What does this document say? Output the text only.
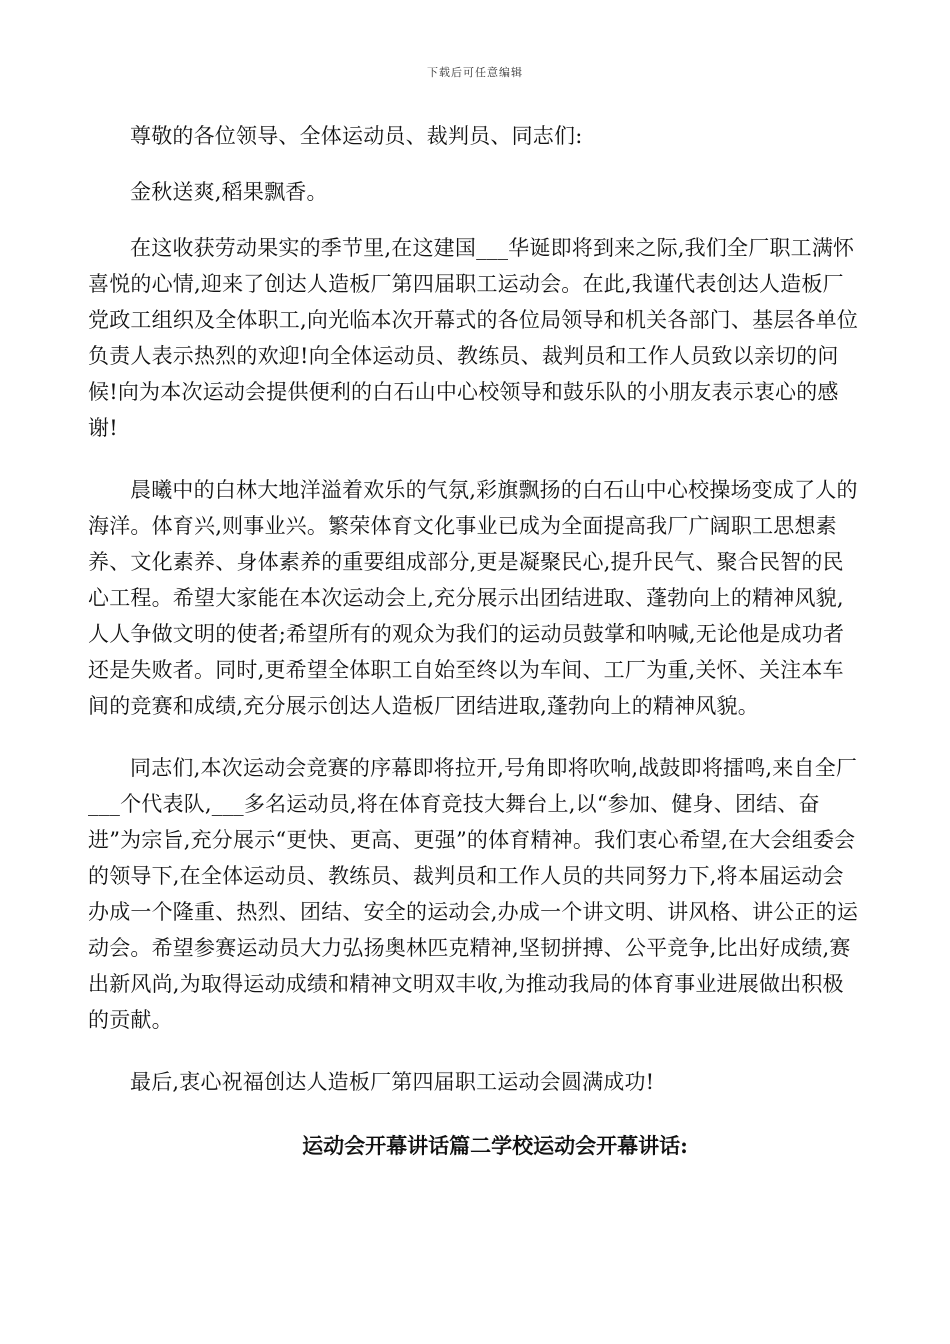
下载后可任意编辑

尊敬的各位领导、全体运动员、裁判员、同志们:

金秋送爽,稻果飘香。

在这收获劳动果实的季节里,在这建国___华诞即将到来之际,我们全厂职工满怀喜悦的心情,迎来了创达人造板厂第四届职工运动会。在此,我谨代表创达人造板厂党政工组织及全体职工,向光临本次开幕式的各位局领导和机关各部门、基层各单位负责人表示热烈的欢迎!向全体运动员、教练员、裁判员和工作人员致以亲切的问候!向为本次运动会提供便利的白石山中心校领导和鼓乐队的小朋友表示衷心的感谢!

晨曦中的白林大地洋溢着欢乐的气氛,彩旗飘扬的白石山中心校操场变成了人的海洋。体育兴,则事业兴。繁荣体育文化事业已成为全面提高我厂广阔职工思想素养、文化素养、身体素养的重要组成部分,更是凝聚民心,提升民气、聚合民智的民心工程。希望大家能在本次运动会上,充分展示出团结进取、蓬勃向上的精神风貌,人人争做文明的使者;希望所有的观众为我们的运动员鼓掌和呐喊,无论他是成功者还是失败者。同时,更希望全体职工自始至终以为车间、工厂为重,关怀、关注本车间的竞赛和成绩,充分展示创达人造板厂团结进取,蓬勃向上的精神风貌。

同志们,本次运动会竞赛的序幕即将拉开,号角即将吹响,战鼓即将擂鸣,来自全厂___个代表队,___多名运动员,将在体育竞技大舞台上,以“参加、健身、团结、奋进”为宗旨,充分展示“更快、更高、更强”的体育精神。我们衷心希望,在大会组委会的领导下,在全体运动员、教练员、裁判员和工作人员的共同努力下,将本届运动会办成一个隆重、热烈、团结、安全的运动会,办成一个讲文明、讲风格、讲公正的运动会。希望参赛运动员大力弘扬奥林匹克精神,坚韧拼搏、公平竞争,比出好成绩,赛出新风尚,为取得运动成绩和精神文明双丰收,为推动我局的体育事业进展做出积极的贡献。

最后,衷心祝福创达人造板厂第四届职工运动会圆满成功!

运动会开幕讲话篇二学校运动会开幕讲话:
